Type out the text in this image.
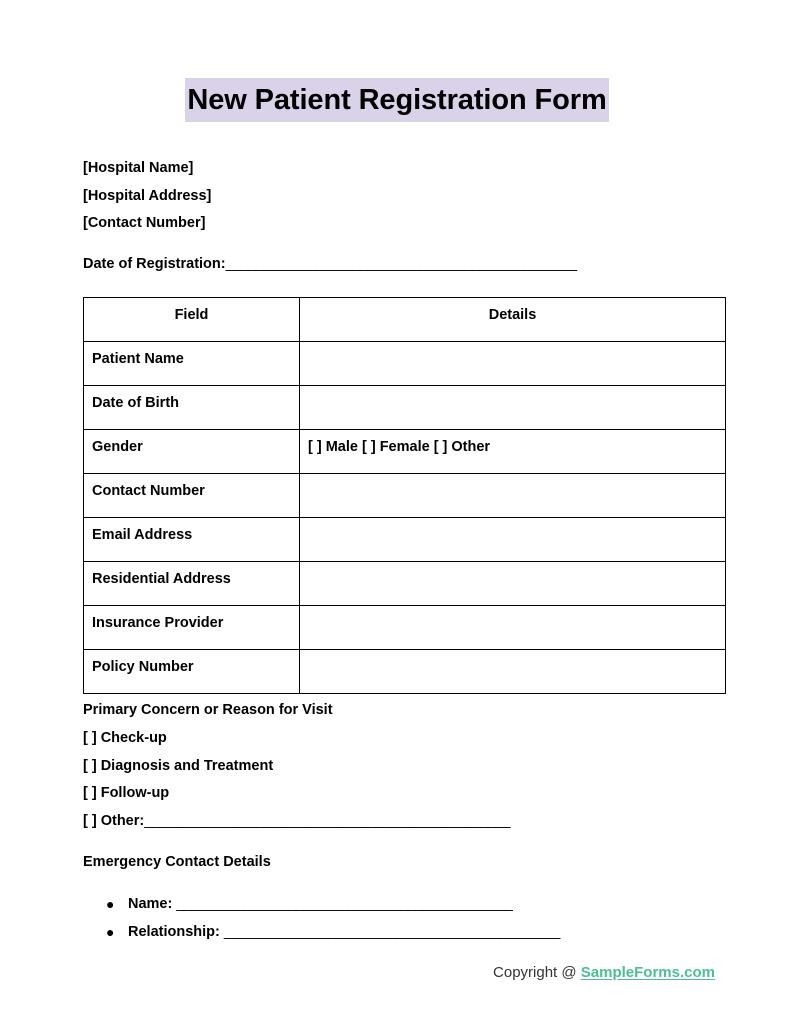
New Patient Registration Form
[Hospital Name]
[Hospital Address]
[Contact Number]
Date of Registration:_______________________________________________
Field	Details
Patient Name	
Date of Birth	
Gender	[ ] Male [ ] Female [ ] Other
Contact Number	
Email Address	
Residential Address	
Insurance Provider	
Policy Number	
Primary Concern or Reason for Visit
[ ] Check-up
[ ] Diagnosis and Treatment
[ ] Follow-up
[ ] Other:_________________________________________________
Emergency Contact Details
● Name: _____________________________________________
● Relationship: _____________________________________________
Copyright @ SampleForms.com
